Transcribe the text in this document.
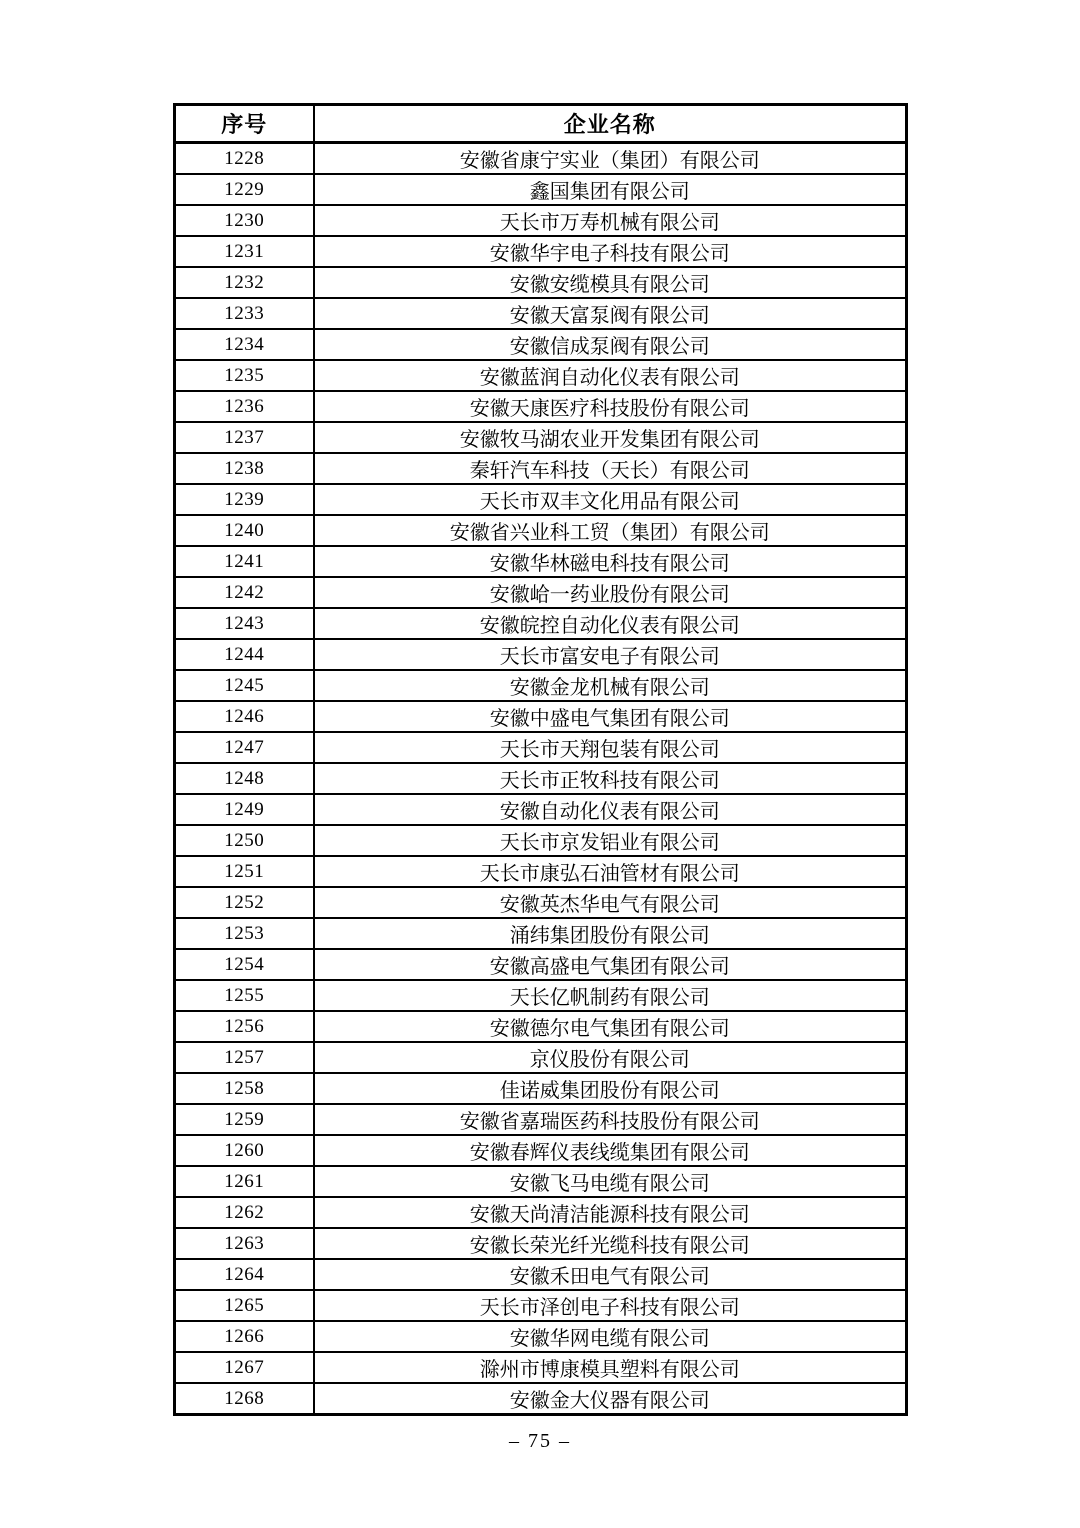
序号	企业名称
1228	安徽省康宁实业（集团）有限公司
1229	鑫国集团有限公司
1230	天长市万寿机械有限公司
1231	安徽华宇电子科技有限公司
1232	安徽安缆模具有限公司
1233	安徽天富泵阀有限公司
1234	安徽信成泵阀有限公司
1235	安徽蓝润自动化仪表有限公司
1236	安徽天康医疗科技股份有限公司
1237	安徽牧马湖农业开发集团有限公司
1238	秦轩汽车科技（天长）有限公司
1239	天长市双丰文化用品有限公司
1240	安徽省兴业科工贸（集团）有限公司
1241	安徽华林磁电科技有限公司
1242	安徽峆一药业股份有限公司
1243	安徽皖控自动化仪表有限公司
1244	天长市富安电子有限公司
1245	安徽金龙机械有限公司
1246	安徽中盛电气集团有限公司
1247	天长市天翔包装有限公司
1248	天长市正牧科技有限公司
1249	安徽自动化仪表有限公司
1250	天长市京发铝业有限公司
1251	天长市康弘石油管材有限公司
1252	安徽英杰华电气有限公司
1253	涌纬集团股份有限公司
1254	安徽高盛电气集团有限公司
1255	天长亿帆制药有限公司
1256	安徽德尔电气集团有限公司
1257	京仪股份有限公司
1258	佳诺威集团股份有限公司
1259	安徽省嘉瑞医药科技股份有限公司
1260	安徽春辉仪表线缆集团有限公司
1261	安徽飞马电缆有限公司
1262	安徽天尚清洁能源科技有限公司
1263	安徽长荣光纤光缆科技有限公司
1264	安徽禾田电气有限公司
1265	天长市泽创电子科技有限公司
1266	安徽华网电缆有限公司
1267	滁州市博康模具塑料有限公司
1268	安徽金大仪器有限公司
– 75 –
